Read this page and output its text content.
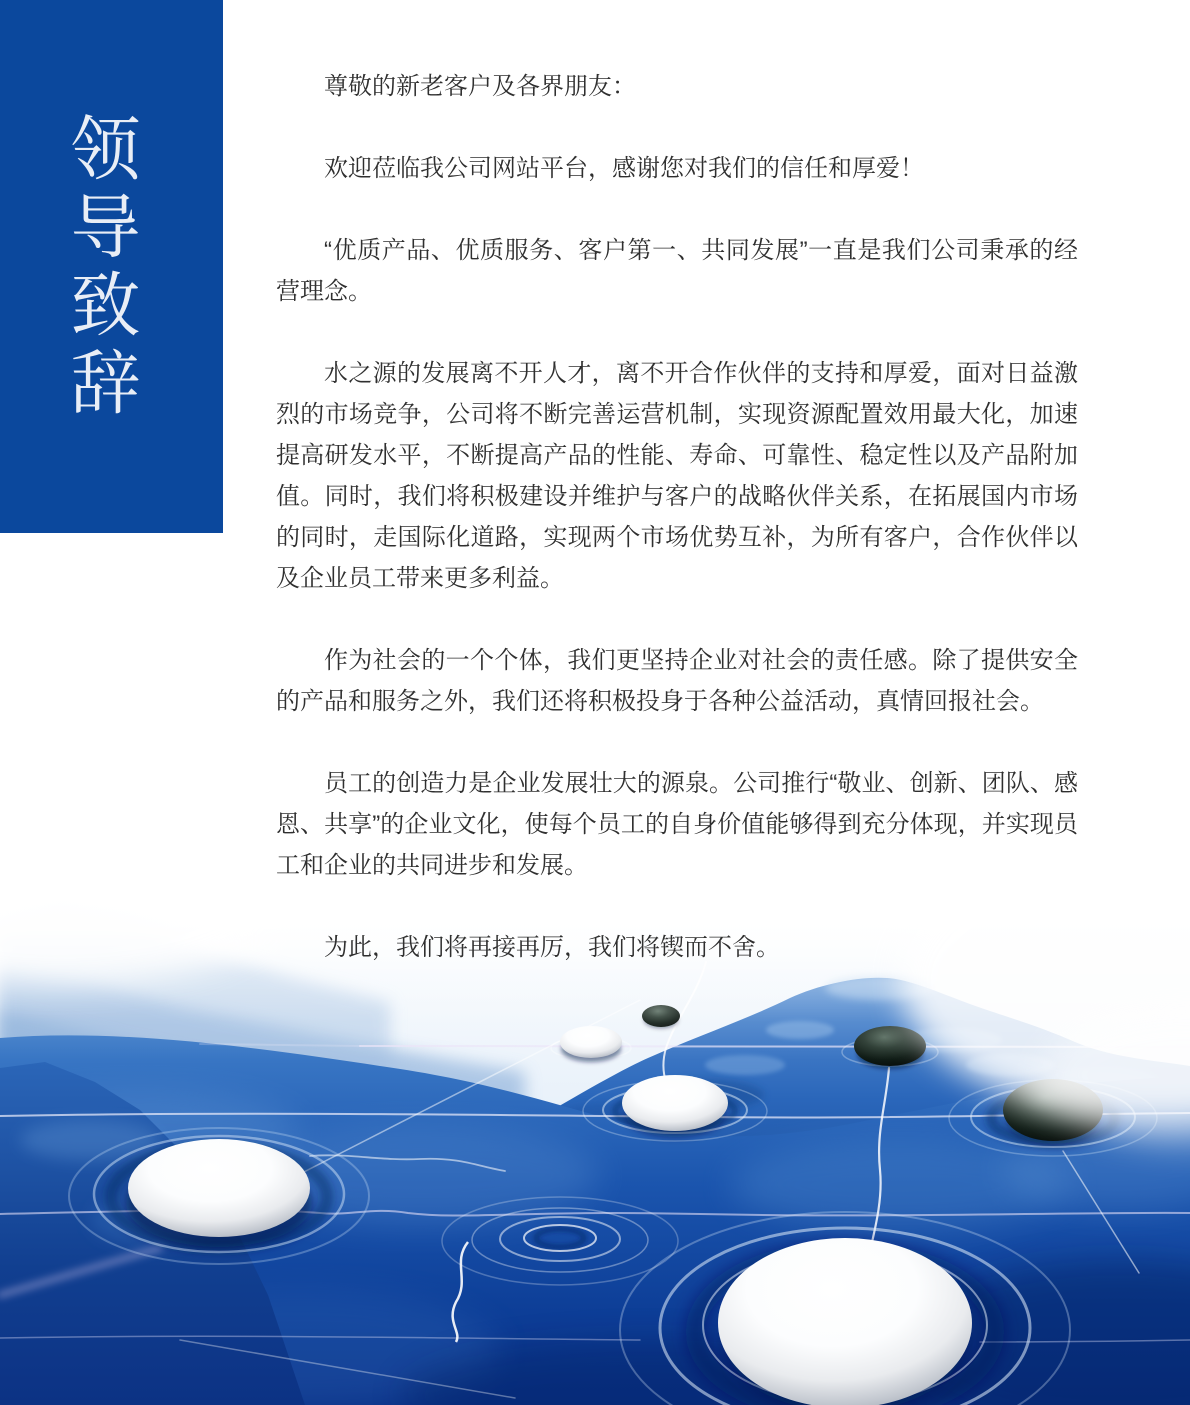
领导致辞

尊敬的新老客户及各界朋友：

欢迎莅临我公司网站平台，感谢您对我们的信任和厚爱！

“优质产品、优质服务、客户第一、共同发展”一直是我们公司秉承的经营理念。

水之源的发展离不开人才，离不开合作伙伴的支持和厚爱，面对日益激烈的市场竞争，公司将不断完善运营机制，实现资源配置效用最大化，加速提高研发水平，不断提高产品的性能、寿命、可靠性、稳定性以及产品附加值。同时，我们将积极建设并维护与客户的战略伙伴关系，在拓展国内市场的同时，走国际化道路，实现两个市场优势互补，为所有客户，合作伙伴以及企业员工带来更多利益。

作为社会的一个个体，我们更坚持企业对社会的责任感。除了提供安全的产品和服务之外，我们还将积极投身于各种公益活动，真情回报社会。

员工的创造力是企业发展壮大的源泉。公司推行“敬业、创新、团队、感恩、共享”的企业文化，使每个员工的自身价值能够得到充分体现，并实现员工和企业的共同进步和发展。

为此，我们将再接再厉，我们将锲而不舍。
